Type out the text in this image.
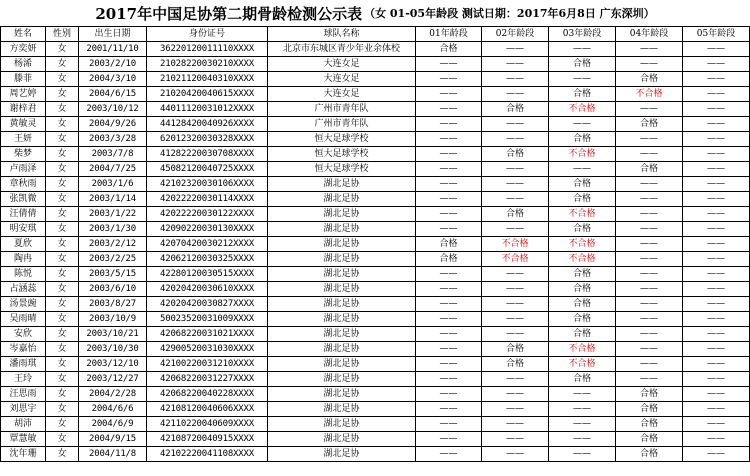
2017年中国足协第二期骨龄检测公示表 （女 01-05年龄段 测试日期：2017年6月8日 广东深圳）
姓名	性别	出生日期	身份证号	球队名称	01年龄段	02年龄段	03年龄段	04年龄段	05年龄段
方奕妍	女	2001/11/10	3622012001111​0XXXX	北京市东城区青少年业余体校	合格	——	——	——	——
杨浠	女	2003/2/10	21028220030210XXXX	大连女足	——	——	合格	——	——
滕菲	女	2004/3/10	21021120040310XXXX	大连女足	——	——	——	合格	——
周艺婷	女	2004/6/15	21020420040615XXXX	大连女足	——	——	合格	不合格	——
谢梓君	女	2003/10/12	44011120031012XXXX	广州市青年队	——	合格	不合格	——	——
黄敏灵	女	2004/9/26	44128420040926XXXX	广州市青年队	——	——	——	合格	——
王妍	女	2003/3/28	62012320030328XXXX	恒大足球学校	——	——	合格	——	——
柴梦	女	2003/7/8	41282220030708XXXX	恒大足球学校	——	合格	不合格	——	——
卢雨泽	女	2004/7/25	45082120040725XXXX	恒大足球学校	——	——	——	合格	——
章秋雨	女	2003/1/6	42102320030106XXXX	湖北足协	——	——	合格	——	——
张凯微	女	2003/1/14	42022220030114XXXX	湖北足协	——	——	合格	——	——
汪倩倩	女	2003/1/22	42022220030122XXXX	湖北足协	——	合格	不合格	——	——
明安琪	女	2003/1/30	42090220030130XXXX	湖北足协	——	——	合格	——	——
夏欣	女	2003/2/12	42070420030212XXXX	湖北足协	合格	不合格	不合格	——	——
陶冉	女	2003/2/25	42062120030325XXXX	湖北足协	合格	不合格	不合格	——	——
陈悦	女	2003/5/15	42280120030515XXXX	湖北足协	——	——	合格	——	——
占涵蕊	女	2003/6/10	42020420030610XXXX	湖北足协	——	——	合格	——	——
汤景豌	女	2003/8/27	42020420030827XXXX	湖北足协	——	——	合格	——	——
吴雨晴	女	2003/10/9	50023520031009XXXX	湖北足协	——	——	合格	——	——
安欣	女	2003/10/21	42068220031021XXXX	湖北足协	——	——	合格	——	——
岑嘉怡	女	2003/10/30	42900520031030XXXX	湖北足协	——	合格	不合格	——	——
潘雨琪	女	2003/12/10	42100220031210XXXX	湖北足协	——	合格	不合格	——	——
王玲	女	2003/12/27	42068220031227XXXX	湖北足协	——	——	合格	——	——
汪思雨	女	2004/2/28	42068220040228XXXX	湖北足协	——	——	——	合格	——
刘思宇	女	2004/6/6	42108120040606XXXX	湖北足协	——	——	——	合格	——
胡沛	女	2004/6/9	42110220040609XXXX	湖北足协	——	——	——	合格	——
覃慧敏	女	2004/9/15	42108720040915XXXX	湖北足协	——	——	——	合格	——
沈年珊	女	2004/11/8	42102220041108XXXX	湖北足协	——	——	——	合格	——
